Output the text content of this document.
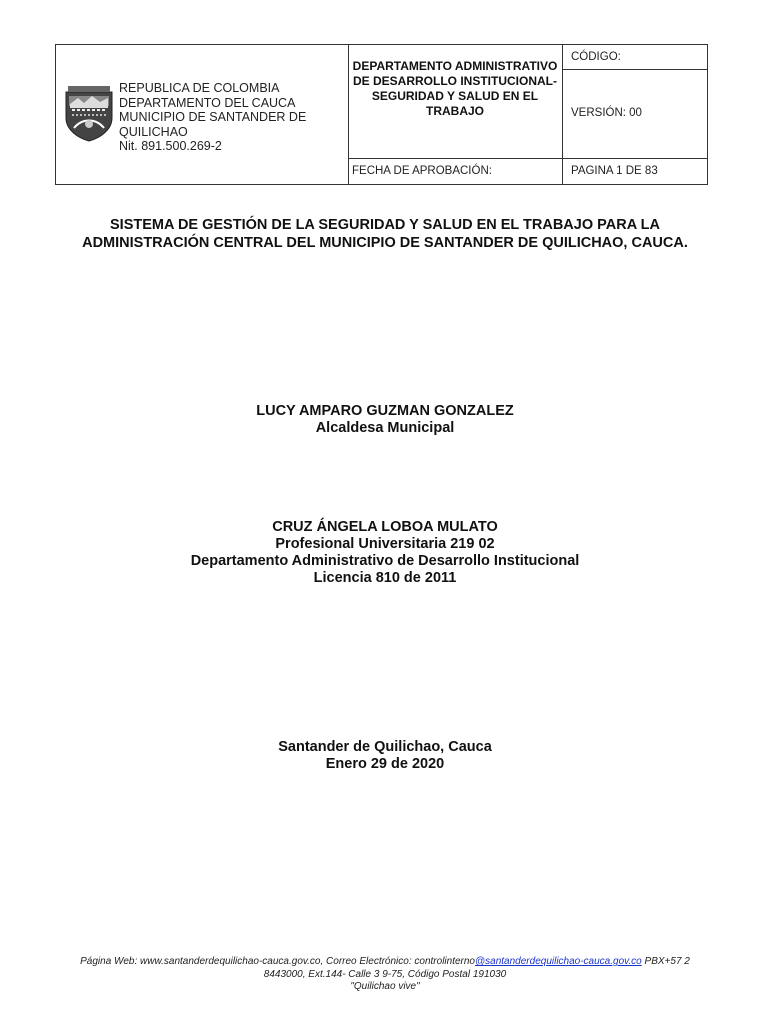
REPUBLICA DE COLOMBIA
DEPARTAMENTO DEL CAUCA
MUNICIPIO DE SANTANDER DE
QUILICHAO
Nit. 891.500.269-2
DEPARTAMENTO ADMINISTRATIVO DE DESARROLLO INSTITUCIONAL- SEGURIDAD Y SALUD EN EL TRABAJO
CÓDIGO:
VERSIÓN: 00
FECHA DE APROBACIÓN:	PAGINA 1 DE 83
SISTEMA DE GESTIÓN DE LA SEGURIDAD Y SALUD EN EL TRABAJO PARA LA ADMINISTRACIÓN CENTRAL DEL MUNICIPIO DE SANTANDER DE QUILICHAO, CAUCA.
LUCY AMPARO GUZMAN GONZALEZ
Alcaldesa Municipal
CRUZ ÁNGELA LOBOA MULATO
Profesional Universitaria 219 02
Departamento Administrativo de Desarrollo Institucional
Licencia 810 de 2011
Santander de Quilichao, Cauca
Enero 29 de 2020
Página Web: www.santanderdequilichao-cauca.gov.co, Correo Electrónico: controlinterno@santanderdequilichao-cauca.gov.co PBX+57 2
8443000, Ext.144- Calle 3 9-75, Código Postal 191030
"Quilichao vive"
